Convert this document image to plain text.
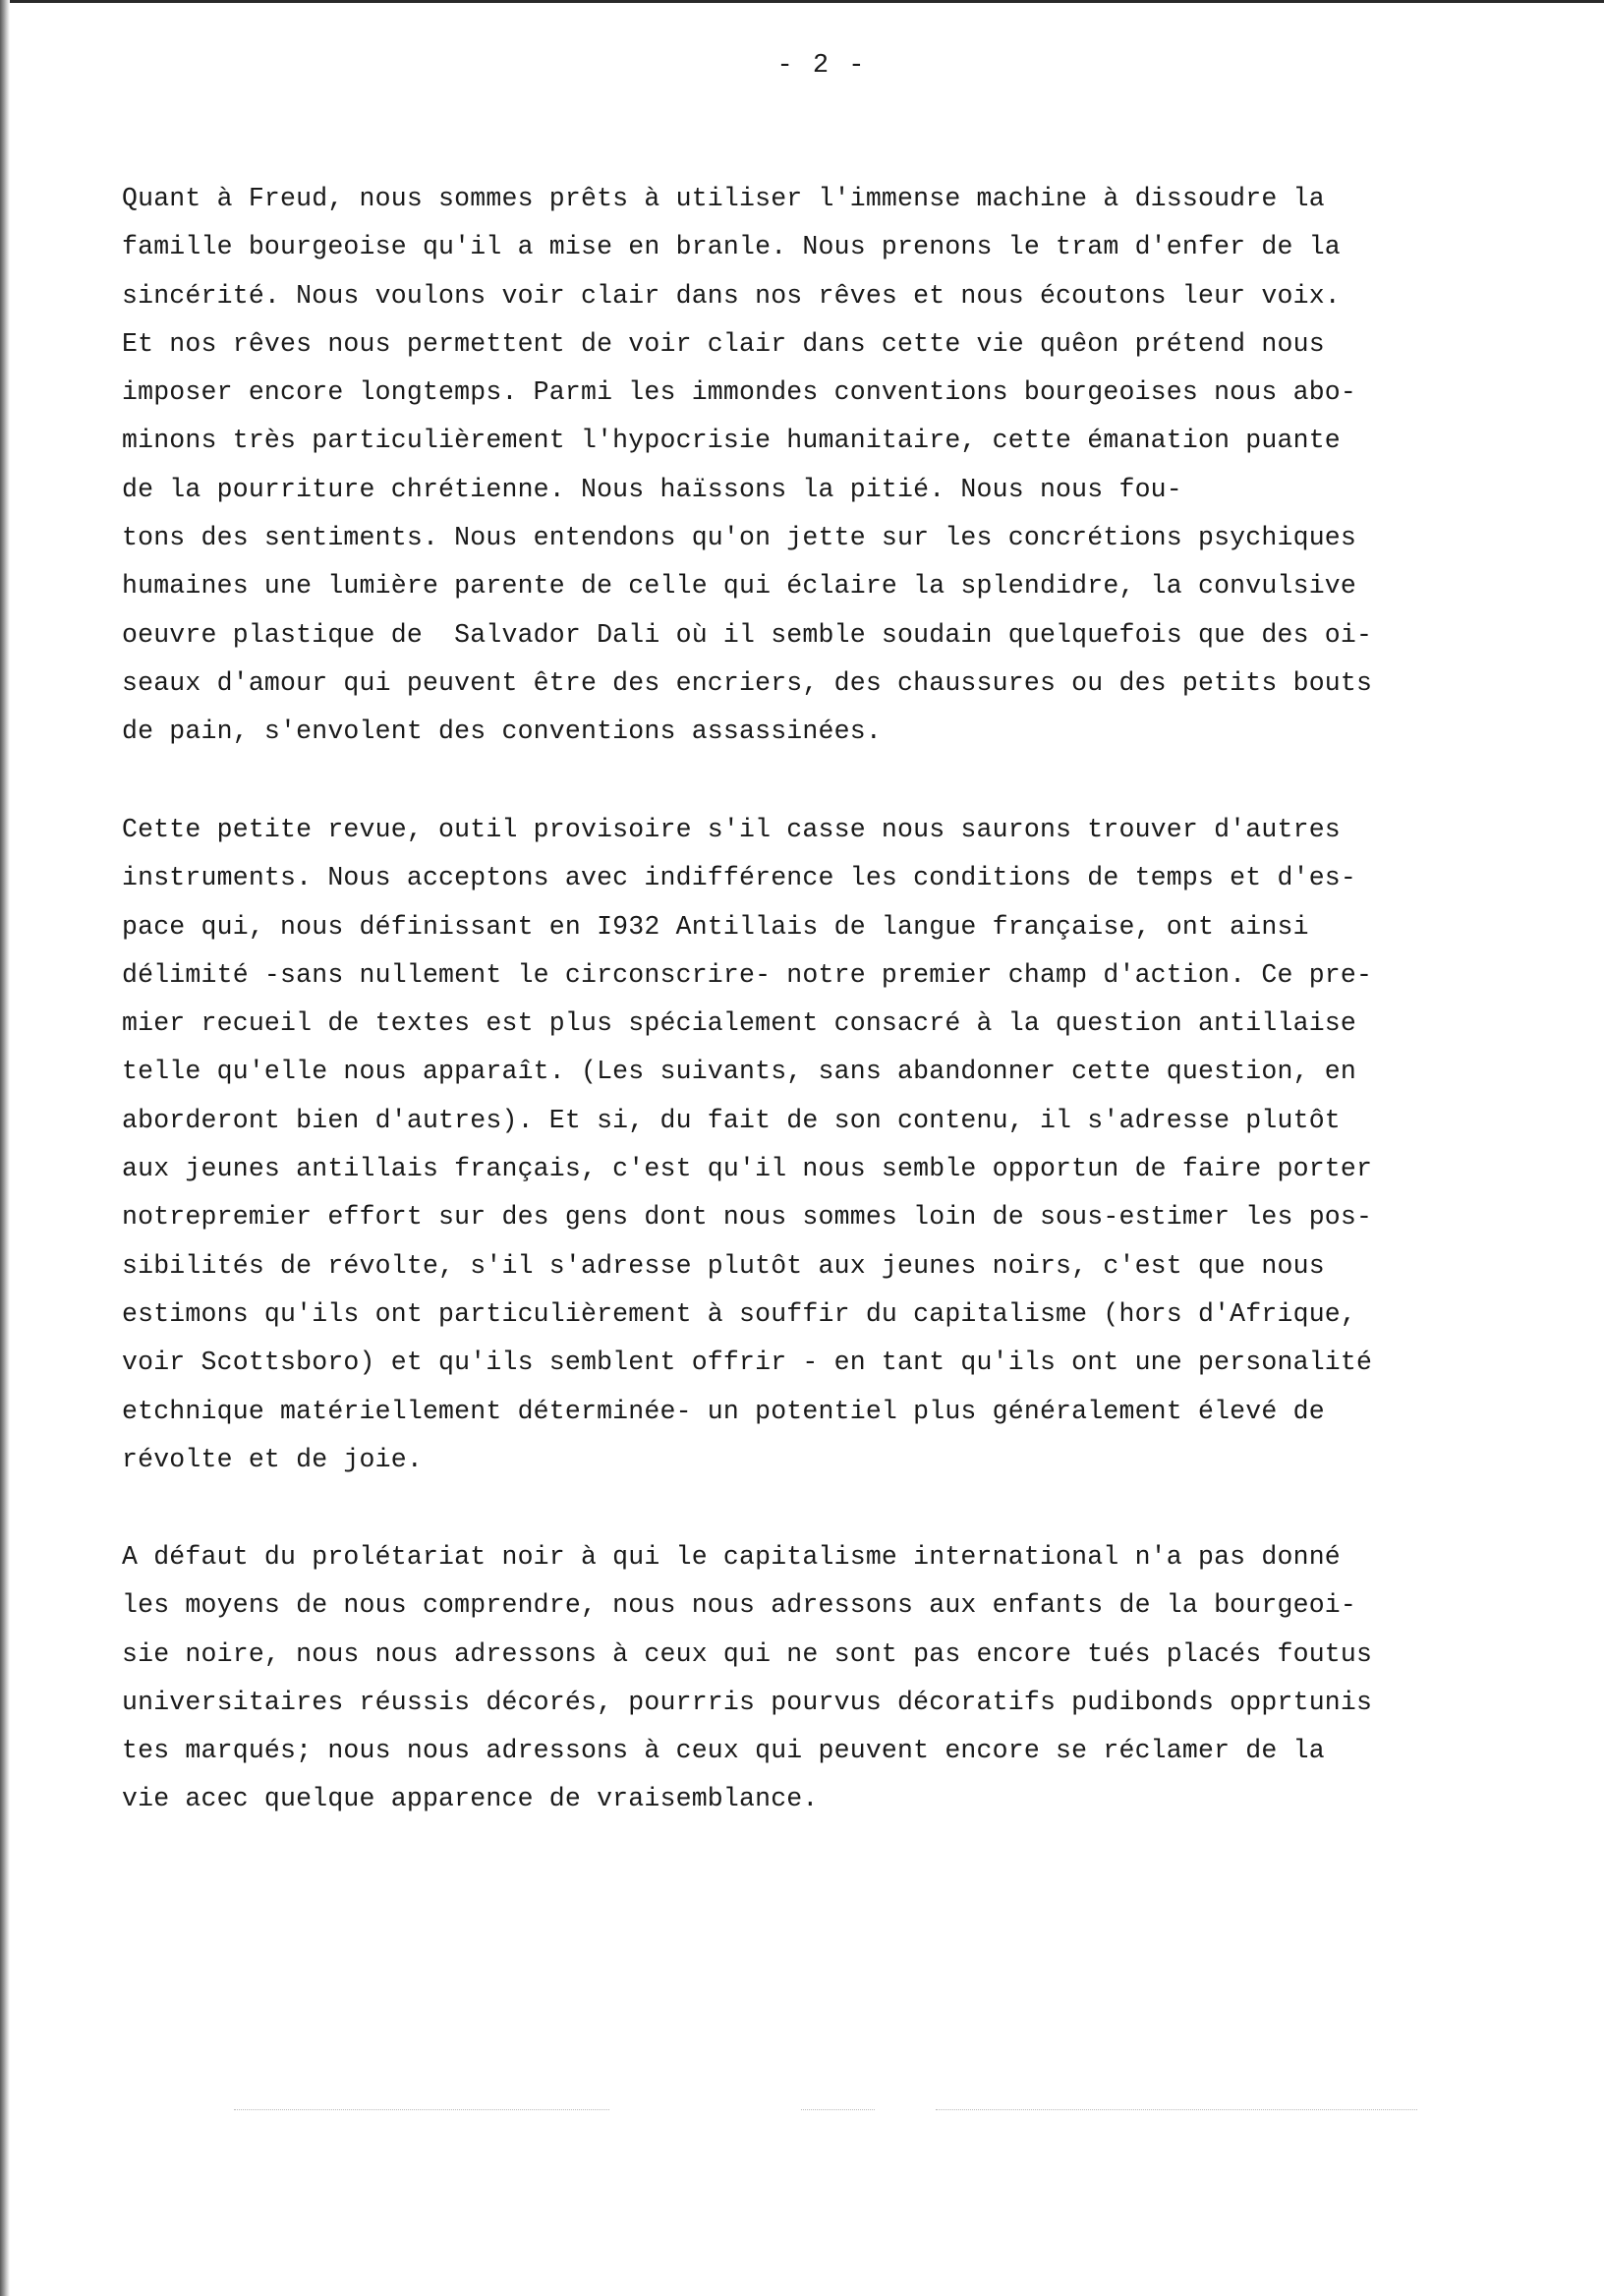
- 2 -

Quant à Freud, nous sommes prêts à utiliser l'immense machine à dissoudre la
famille bourgeoise qu'il a mise en branle. Nous prenons le tram d'enfer de la
sincérité. Nous voulons voir clair dans nos rêves et nous écoutons leur voix.
Et nos rêves nous permettent de voir clair dans cette vie quêon prétend nous
imposer encore longtemps. Parmi les immondes conventions bourgeoises nous abo-
minons très particulièrement l'hypocrisie humanitaire, cette émanation puante
de la pourriture chrétienne. Nous haïssons la pitié. Nous nous fou-
tons des sentiments. Nous entendons qu'on jette sur les concrétions psychiques
humaines une lumière parente de celle qui éclaire la splendidre, la convulsive
oeuvre plastique de  Salvador Dali où il semble soudain quelquefois que des oi-
seaux d'amour qui peuvent être des encriers, des chaussures ou des petits bouts
de pain, s'envolent des conventions assassinées.

Cette petite revue, outil provisoire s'il casse nous saurons trouver d'autres
instruments. Nous acceptons avec indifférence les conditions de temps et d'es-
pace qui, nous définissant en I932 Antillais de langue française, ont ainsi
délimité -sans nullement le circonscrire- notre premier champ d'action. Ce pre-
mier recueil de textes est plus spécialement consacré à la question antillaise
telle qu'elle nous apparaît. (Les suivants, sans abandonner cette question, en
aborderont bien d'autres). Et si, du fait de son contenu, il s'adresse plutôt
aux jeunes antillais français, c'est qu'il nous semble opportun de faire porter
notrepremier effort sur des gens dont nous sommes loin de sous-estimer les pos-
sibilités de révolte, s'il s'adresse plutôt aux jeunes noirs, c'est que nous
estimons qu'ils ont particulièrement à souffir du capitalisme (hors d'Afrique,
voir Scottsboro) et qu'ils semblent offrir - en tant qu'ils ont une personalité
etchnique matériellement déterminée- un potentiel plus généralement élevé de
révolte et de joie.

A défaut du prolétariat noir à qui le capitalisme international n'a pas donné
les moyens de nous comprendre, nous nous adressons aux enfants de la bourgeoi-
sie noire, nous nous adressons à ceux qui ne sont pas encore tués placés foutus
universitaires réussis décorés, pourrris pourvus décoratifs pudibonds opprtunis
tes marqués; nous nous adressons à ceux qui peuvent encore se réclamer de la
vie acec quelque apparence de vraisemblance.
